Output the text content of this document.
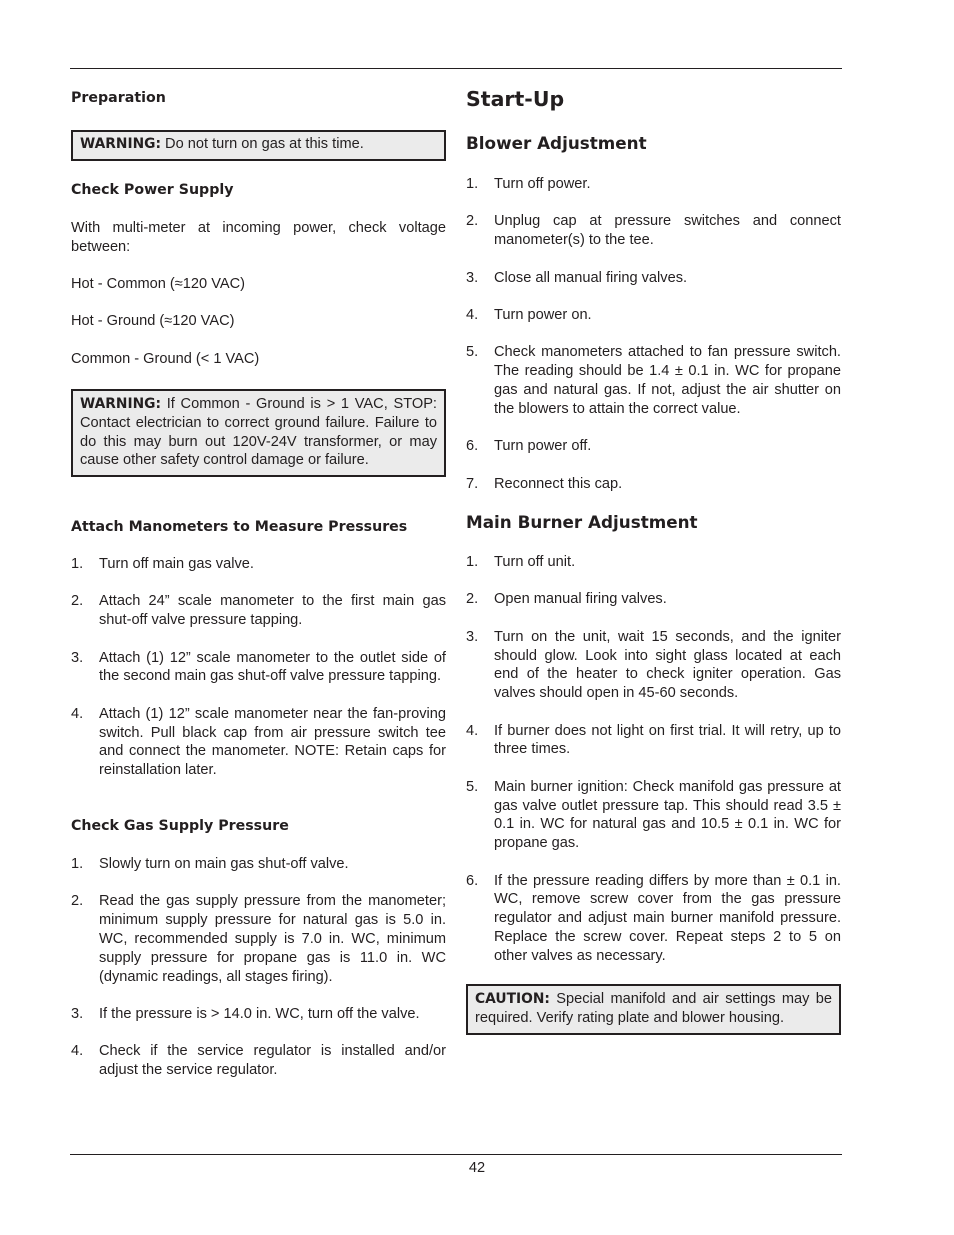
Preparation

WARNING: Do not turn on gas at this time.

Check Power Supply

With multi-meter at incoming power, check voltage between:

Hot - Common (≈120 VAC)

Hot - Ground (≈120 VAC)

Common - Ground (< 1 VAC)

WARNING: If Common - Ground is > 1 VAC, STOP: Contact electrician to correct ground failure. Failure to do this may burn out 120V-24V transformer, or may cause other safety control damage or failure.

Attach Manometers to Measure Pressures

1.	Turn off main gas valve.
2.	Attach 24” scale manometer to the first main gas shut-off valve pressure tapping.
3.	Attach (1) 12” scale manometer to the outlet side of the second main gas shut-off valve pressure tapping.
4.	Attach (1) 12” scale manometer near the fan-proving switch. Pull black cap from air pressure switch tee and connect the manometer. NOTE: Retain caps for reinstallation later.

Check Gas Supply Pressure

1.	Slowly turn on main gas shut-off valve.
2.	Read the gas supply pressure from the manometer; minimum supply pressure for natural gas is 5.0 in. WC, recommended supply is 7.0 in. WC, minimum supply pressure for propane gas is 11.0 in. WC (dynamic readings, all stages firing).
3.	If the pressure is > 14.0 in. WC, turn off the valve.
4.	Check if the service regulator is installed and/or adjust the service regulator.

Start-Up

Blower Adjustment

1.	Turn off power.
2.	Unplug cap at pressure switches and connect manometer(s) to the tee.
3.	Close all manual firing valves.
4.	Turn power on.
5.	Check manometers attached to fan pressure switch. The reading should be 1.4 ± 0.1 in. WC for propane gas and natural gas. If not, adjust the air shutter on the blowers to attain the correct value.
6.	Turn power off.
7.	Reconnect this cap.

Main Burner Adjustment

1.	Turn off unit.
2.	Open manual firing valves.
3.	Turn on the unit, wait 15 seconds, and the igniter should glow. Look into sight glass located at each end of the heater to check igniter operation. Gas valves should open in 45-60 seconds.
4.	If burner does not light on first trial. It will retry, up to three times.
5.	Main burner ignition: Check manifold gas pressure at gas valve outlet pressure tap. This should read 3.5 ± 0.1 in. WC for natural gas and 10.5 ± 0.1 in. WC for propane gas.
6.	If the pressure reading differs by more than ± 0.1 in. WC, remove screw cover from the gas pressure regulator and adjust main burner manifold pressure. Replace the screw cover. Repeat steps 2 to 5 on other valves as necessary.
CAUTION: Special manifold and air settings may be required. Verify rating plate and blower housing.
42
